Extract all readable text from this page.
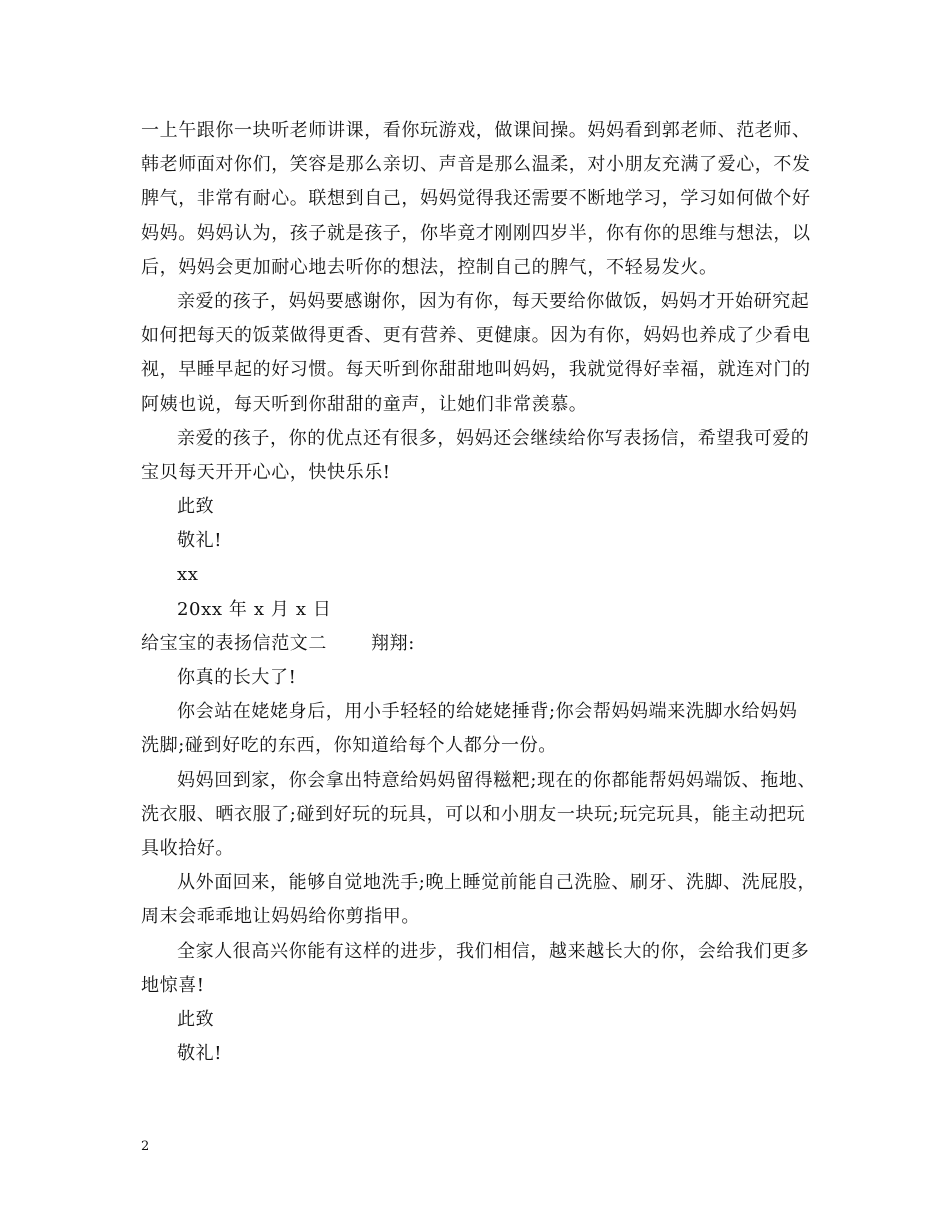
一上午跟你一块听老师讲课，看你玩游戏，做课间操。妈妈看到郭老师、范老师、
韩老师面对你们，笑容是那么亲切、声音是那么温柔，对小朋友充满了爱心，不发
脾气，非常有耐心。联想到自己，妈妈觉得我还需要不断地学习，学习如何做个好
妈妈。妈妈认为，孩子就是孩子，你毕竟才刚刚四岁半，你有你的思维与想法，以
后，妈妈会更加耐心地去听你的想法，控制自己的脾气，不轻易发火。
亲爱的孩子，妈妈要感谢你，因为有你，每天要给你做饭，妈妈才开始研究起
如何把每天的饭菜做得更香、更有营养、更健康。因为有你，妈妈也养成了少看电
视，早睡早起的好习惯。每天听到你甜甜地叫妈妈，我就觉得好幸福，就连对门的
阿姨也说，每天听到你甜甜的童声，让她们非常羡慕。
亲爱的孩子，你的优点还有很多，妈妈还会继续给你写表扬信，希望我可爱的
宝贝每天开开心心，快快乐乐!
此致
敬礼!
xx
20xx 年 x 月 x 日
给宝宝的表扬信范文二 翔翔:
你真的长大了!
你会站在姥姥身后，用小手轻轻的给姥姥捶背;你会帮妈妈端来洗脚水给妈妈
洗脚;碰到好吃的东西，你知道给每个人都分一份。
妈妈回到家，你会拿出特意给妈妈留得糍粑;现在的你都能帮妈妈端饭、拖地、
洗衣服、晒衣服了;碰到好玩的玩具，可以和小朋友一块玩;玩完玩具，能主动把玩
具收拾好。
从外面回来，能够自觉地洗手;晚上睡觉前能自己洗脸、刷牙、洗脚、洗屁股，
周末会乖乖地让妈妈给你剪指甲。
全家人很高兴你能有这样的进步，我们相信，越来越长大的你，会给我们更多
地惊喜!
此致
敬礼!
2
